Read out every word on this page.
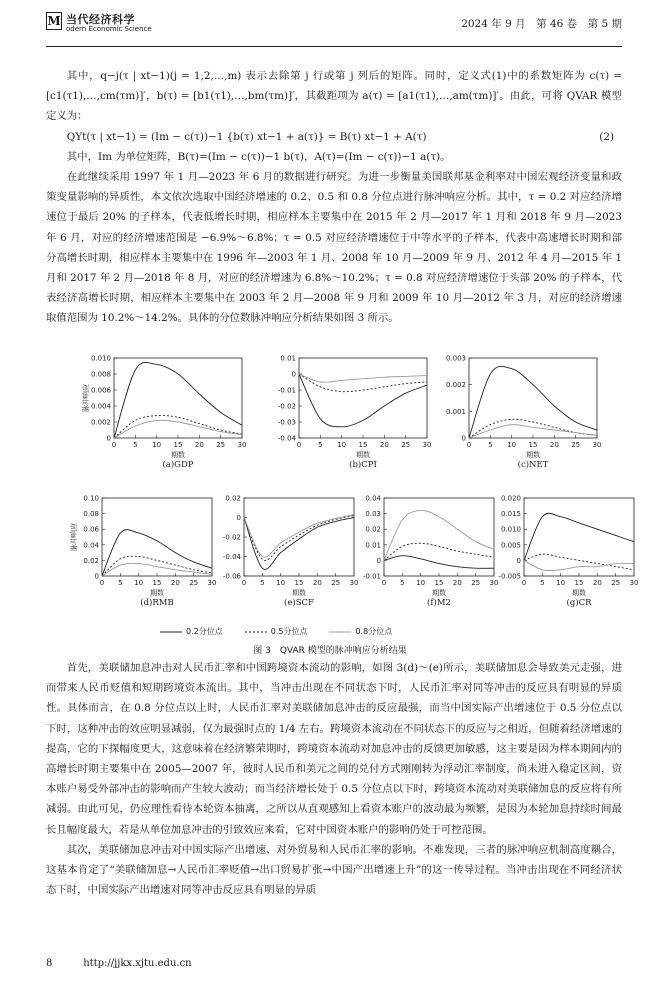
M 当代经济科学
odern Economic Science	2024 年 9 月　第 46 卷　第 5 期

其中，q−j(τ | xt−1)(j = 1,2,…,m) 表示去除第 j 行或第 j 列后的矩阵。同时，定义式(1)中的系数矩阵为 c(τ) = [c1(τ1),…,cm(τm)]′，b(τ) = [b1(τ1),…,bm(τm)]′，其截距项为 a(τ) = [a1(τ1),…,am(τm)]′。由此，可将 QVAR 模型定义为：

QYt(τ | xt−1) = (Im − c(τ))−1 {b(τ) xt−1 + a(τ)} = B(τ) xt−1 + A(τ)	(2)

其中，Im 为单位矩阵，B(τ)=(Im − c(τ))−1 b(τ)，A(τ)=(Im − c(τ))−1 a(τ)。

在此继续采用 1997 年 1 月—2023 年 6 月的数据进行研究。为进一步衡量美国联邦基金利率对中国宏观经济变量和政策变量影响的异质性，本文依次选取中国经济增速的 0.2、0.5 和 0.8 分位点进行脉冲响应分析。其中，τ = 0.2 对应经济增速位于最后 20% 的子样本，代表低增长时期，相应样本主要集中在 2015 年 2 月—2017 年 1 月和 2018 年 9 月—2023 年 6 月，对应的经济增速范围是 −6.9%～6.8%；τ = 0.5 对应经济增速位于中等水平的子样本，代表中高速增长时期和部分高增长时期，相应样本主要集中在 1996 年—2003 年 1 月、2008 年 10 月—2009 年 9 月、2012 年 4 月—2015 年 1 月和 2017 年 2 月—2018 年 8 月，对应的经济增速为 6.8%～10.2%；τ = 0.8 对应经济增速位于头部 20% 的子样本，代表经济高增长时期，相应样本主要集中在 2003 年 2 月—2008 年 9 月和 2009 年 10 月—2012 年 3 月，对应的经济增速取值范围为 10.2%～14.2%。具体的分位数脉冲响应分析结果如图 3 所示。

0
0.002
0.004
0.006
0.008
0.010
0 5 10 15 20 25 30
期数
脉冲响应
(a)GDP
-0.04
-0.03
-0.02
-0.01
0
0.01
0 5 10 15 20 25 30
期数
(b)CPI
0
0.001
0.002
0.003
0 5 10 15 20 25 30
期数
(c)NET
0
0.02
0.04
0.06
0.08
0.10
0 5 10 15 20 25 30
期数
脉冲响应
(d)RMB
-0.06
-0.04
-0.02
0
0.02
0 5 10 15 20 25 30
期数
(e)SCF
-0.01
0
0.01
0.02
0.03
0.04
0 5 10 15 20 25 30
期数
(f)M2
-0.005
0
0.005
0.010
0.015
0.020
0 5 10 15 20 25 30
期数
(g)CR
0.2分位点	0.5分位点	0.8分位点
图 3　QVAR 模型的脉冲响应分析结果

首先，美联储加息冲击对人民币汇率和中国跨境资本流动的影响，如图 3(d)～(e)所示，美联储加息会导致美元走强，进而带来人民币贬值和短期跨境资本流出。其中，当冲击出现在不同状态下时，人民币汇率对同等冲击的反应具有明显的异质性。具体而言，在 0.8 分位点以上时，人民币汇率对美联储加息冲击的反应最强，而当中国实际产出增速位于 0.5 分位点以下时，这种冲击的效应明显减弱，仅为最强时点的 1/4 左右。跨境资本流动在不同状态下的反应与之相近，但随着经济增速的提高，它的下探幅度更大，这意味着在经济繁荣期时，跨境资本流动对加息冲击的反馈更加敏感，这主要是因为样本期间内的高增长时期主要集中在 2005—2007 年，彼时人民币和美元之间的兑付方式刚刚转为浮动汇率制度，尚未进入稳定区间，资本账户易受外部冲击的影响而产生较大波动；而当经济增长处于 0.5 分位点以下时，跨境资本流动对美联储加息的反应将有所减弱。由此可见，仍应理性看待本轮资本抽离，之所以从直观感知上看资本账户的波动最为频繁，是因为本轮加息持续时间最长且幅度最大，若是从单位加息冲击的引致效应来看，它对中国资本账户的影响仍处于可控范围。

其次，美联储加息冲击对中国实际产出增速、对外贸易和人民币汇率的影响。不难发现，三者的脉冲响应机制高度耦合，这基本肯定了“美联储加息→人民币汇率贬值→出口贸易扩张→中国产出增速上升”的这一传导过程。当冲击出现在不同经济状态下时，中国实际产出增速对同等冲击反应具有明显的异质

8	http://jjkx.xjtu.edu.cn
